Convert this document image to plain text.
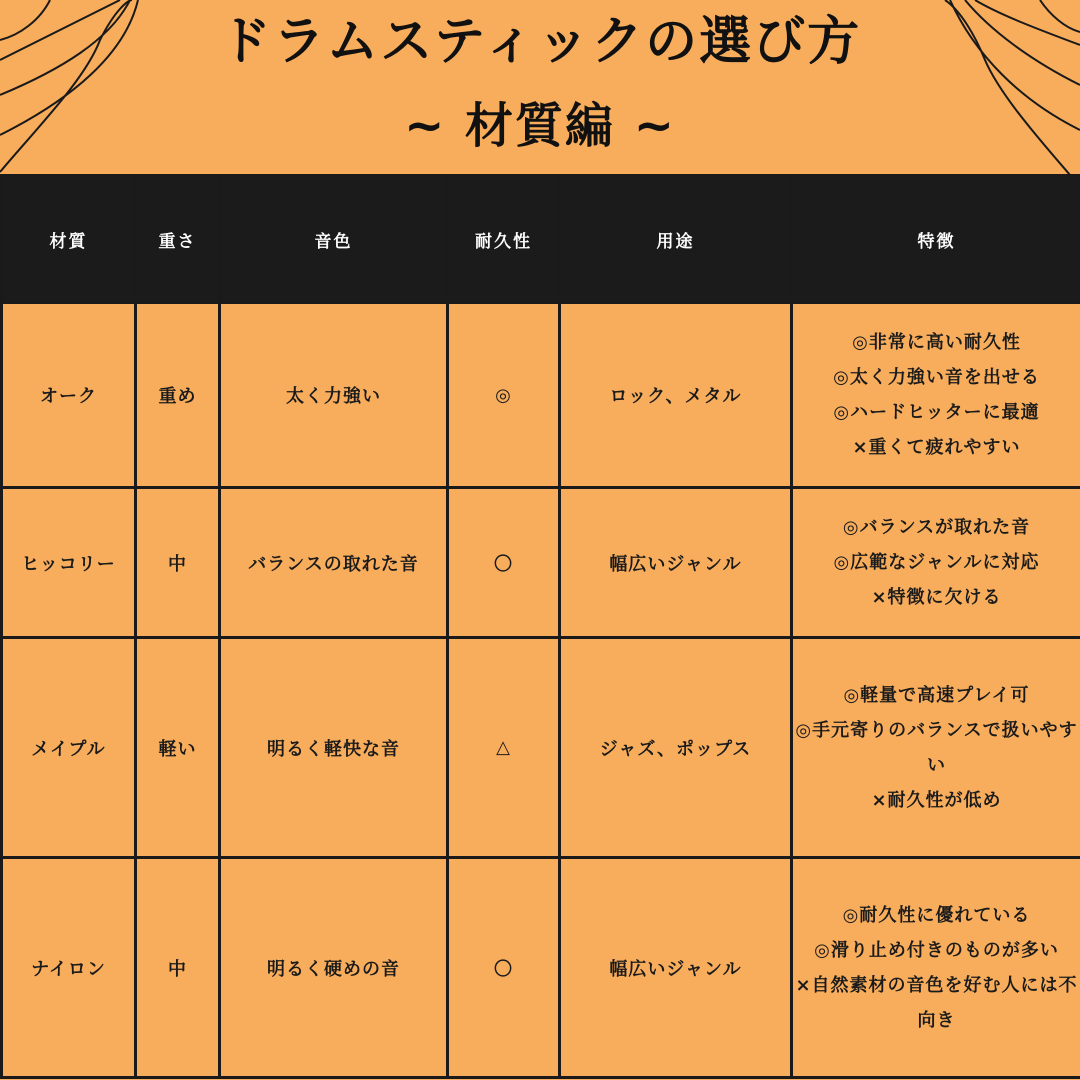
ドラムスティックの選び方
~ 材質編 ~
材質	重さ	音色	耐久性	用途	特徴
オーク	重め	太く力強い	◎	ロック、メタル	◎非常に高い耐久性
◎太く力強い音を出せる
◎ハードヒッターに最適
×重くて疲れやすい

ヒッコリー	中	バランスの取れた音	〇	幅広いジャンル	◎バランスが取れた音
◎広範なジャンルに対応
×特徴に欠ける

メイプル	軽い	明るく軽快な音	△	ジャズ、ポップス	◎軽量で高速プレイ可
◎手元寄りのバランスで扱いやすい
×耐久性が低め

ナイロン	中	明るく硬めの音	〇	幅広いジャンル	◎耐久性に優れている
◎滑り止め付きのものが多い
×自然素材の音色を好む人には不向き
